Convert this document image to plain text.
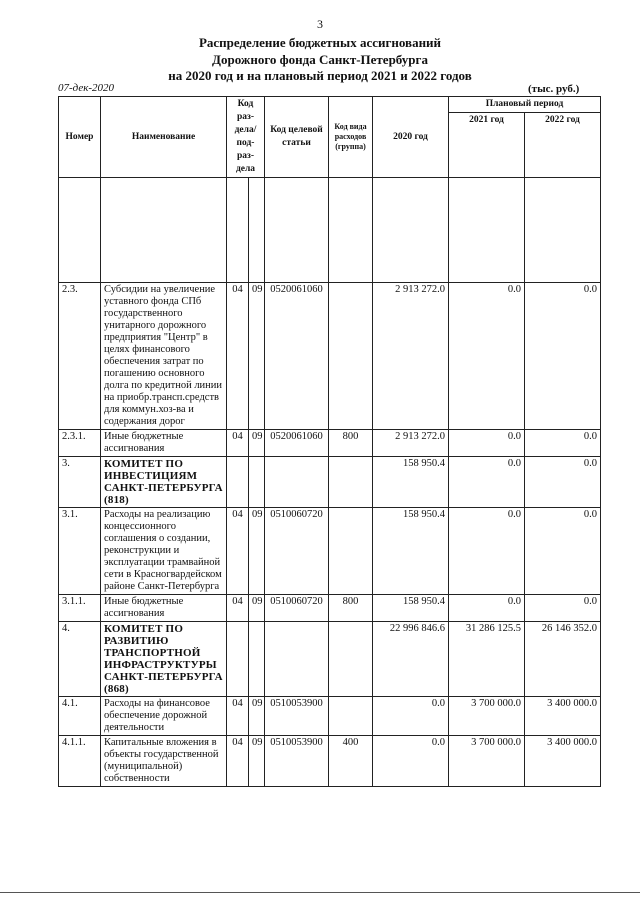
3
Распределение бюджетных ассигнований
Дорожного фонда Санкт-Петербурга
на 2020 год и на плановый период 2021 и 2022 годов
07-дек-2020	(тыс. руб.)
Номер	Наименование	Код раз-дела/ под-раз-дела		Код целевой статьи	Код вида расходов (группа)	2020 год	Плановый период	
							2021 год	2022 год

2.3.	Субсидии на увеличение уставного фонда СПб государственного унитарного дорожного предприятия "Центр" в целях финансового обеспечения затрат по погашению основного долга по кредитной линии на приобр.трансп.средств для коммун.хоз-ва и содержания дорог	04	09	0520061060		2 913 272.0	0.0	0.0
2.3.1.	Иные бюджетные ассигнования	04	09	0520061060	800	2 913 272.0	0.0	0.0
3.	КОМИТЕТ ПО ИНВЕСТИЦИЯМ САНКТ-ПЕТЕРБУРГА (818)					158 950.4	0.0	0.0
3.1.	Расходы на реализацию концессионного соглашения о создании, реконструкции и эксплуатации трамвайной сети в Красногвардейском районе Санкт-Петербурга	04	09	0510060720		158 950.4	0.0	0.0
3.1.1.	Иные бюджетные ассигнования	04	09	0510060720	800	158 950.4	0.0	0.0
4.	КОМИТЕТ ПО РАЗВИТИЮ ТРАНСПОРТНОЙ ИНФРАСТРУКТУРЫ САНКТ-ПЕТЕРБУРГА (868)					22 996 846.6	31 286 125.5	26 146 352.0
4.1.	Расходы на финансовое обеспечение дорожной деятельности	04	09	0510053900		0.0	3 700 000.0	3 400 000.0
4.1.1.	Капитальные вложения в объекты государственной (муниципальной) собственности	04	09	0510053900	400	0.0	3 700 000.0	3 400 000.0
